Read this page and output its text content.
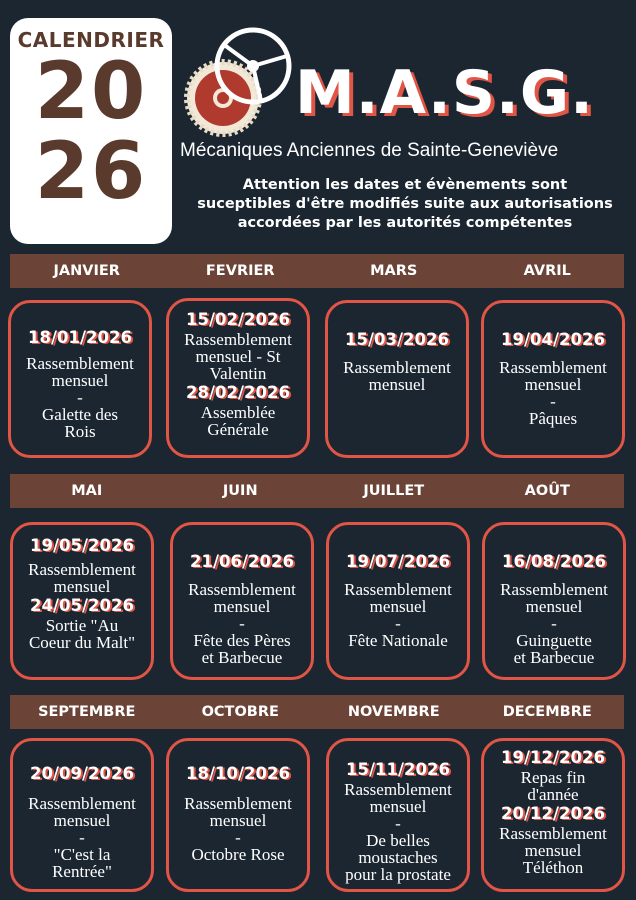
CALENDRIER
20
26
M.A.S.G.
Mécaniques Anciennes de Sainte-Geneviève
Attention les dates et évènements sont
suceptibles d'être modifiés suite aux autorisations
accordées par les autorités compétentes
JANVIER	FEVRIER	MARS	AVRIL
18/01/2026
Rassemblement
mensuel
-
Galette des
Rois
15/02/2026
Rassemblement
mensuel - St
Valentin
28/02/2026
Assemblée
Générale
15/03/2026
Rassemblement
mensuel
19/04/2026
Rassemblement
mensuel
-
Pâques
MAI	JUIN	JUILLET	AOÛT
19/05/2026
Rassemblement
mensuel
24/05/2026
Sortie "Au
Coeur du Malt"
21/06/2026
Rassemblement
mensuel
-
Fête des Pères
et Barbecue
19/07/2026
Rassemblement
mensuel
-
Fête Nationale
16/08/2026
Rassemblement
mensuel
-
Guinguette
et Barbecue
SEPTEMBRE	OCTOBRE	NOVEMBRE	DECEMBRE
20/09/2026
Rassemblement
mensuel
-
"C'est la
Rentrée"
18/10/2026
Rassemblement
mensuel
-
Octobre Rose
15/11/2026
Rassemblement
mensuel
-
De belles
moustaches
pour la prostate
19/12/2026
Repas fin
d'année
20/12/2026
Rassemblement
mensuel
Téléthon
